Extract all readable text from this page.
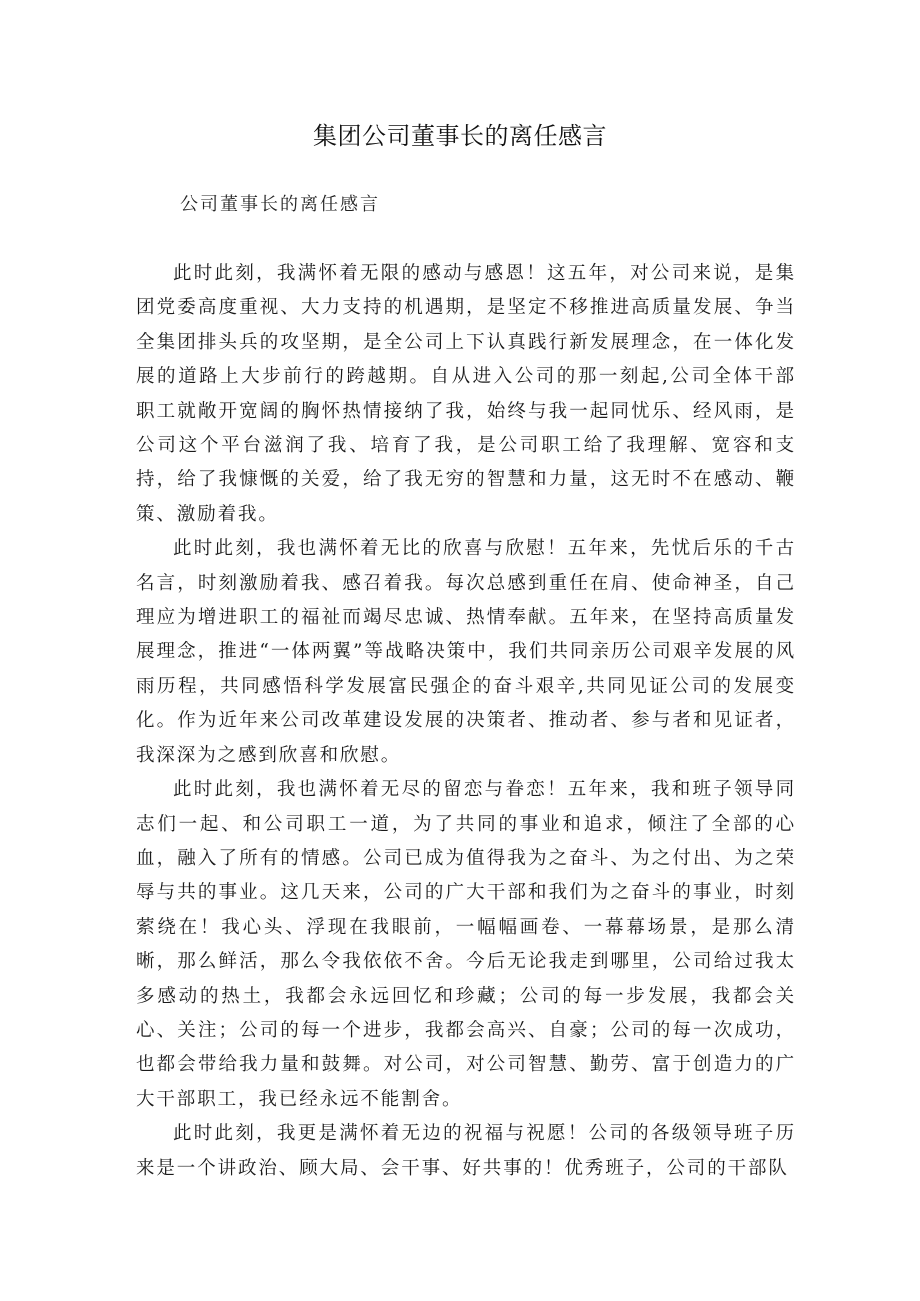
集团公司董事长的离任感言

公司董事长的离任感言

此时此刻，我满怀着无限的感动与感恩！这五年，对公司来说，是集团党委高度重视、大力支持的机遇期，是坚定不移推进高质量发展、争当全集团排头兵的攻坚期，是全公司上下认真践行新发展理念，在一体化发展的道路上大步前行的跨越期。自从进入公司的那一刻起,公司全体干部职工就敞开宽阔的胸怀热情接纳了我，始终与我一起同忧乐、经风雨，是公司这个平台滋润了我、培育了我，是公司职工给了我理解、宽容和支持，给了我慷慨的关爱，给了我无穷的智慧和力量，这无时不在感动、鞭策、激励着我。

此时此刻，我也满怀着无比的欣喜与欣慰！五年来，先忧后乐的千古名言，时刻激励着我、感召着我。每次总感到重任在肩、使命神圣，自己理应为增进职工的福祉而竭尽忠诚、热情奉献。五年来，在坚持高质量发展理念，推进“一体两翼”等战略决策中，我们共同亲历公司艰辛发展的风雨历程，共同感悟科学发展富民强企的奋斗艰辛,共同见证公司的发展变化。作为近年来公司改革建设发展的决策者、推动者、参与者和见证者，我深深为之感到欣喜和欣慰。

此时此刻，我也满怀着无尽的留恋与眷恋！五年来，我和班子领导同志们一起、和公司职工一道，为了共同的事业和追求，倾注了全部的心血，融入了所有的情感。公司已成为值得我为之奋斗、为之付出、为之荣辱与共的事业。这几天来，公司的广大干部和我们为之奋斗的事业，时刻萦绕在！我心头、浮现在我眼前，一幅幅画卷、一幕幕场景，是那么清晰，那么鲜活，那么令我依依不舍。今后无论我走到哪里，公司给过我太多感动的热土，我都会永远回忆和珍藏；公司的每一步发展，我都会关心、关注；公司的每一个进步，我都会高兴、自豪；公司的每一次成功，也都会带给我力量和鼓舞。对公司，对公司智慧、勤劳、富于创造力的广大干部职工，我已经永远不能割舍。

此时此刻，我更是满怀着无边的祝福与祝愿！公司的各级领导班子历来是一个讲政治、顾大局、会干事、好共事的！优秀班子，公司的干部队
